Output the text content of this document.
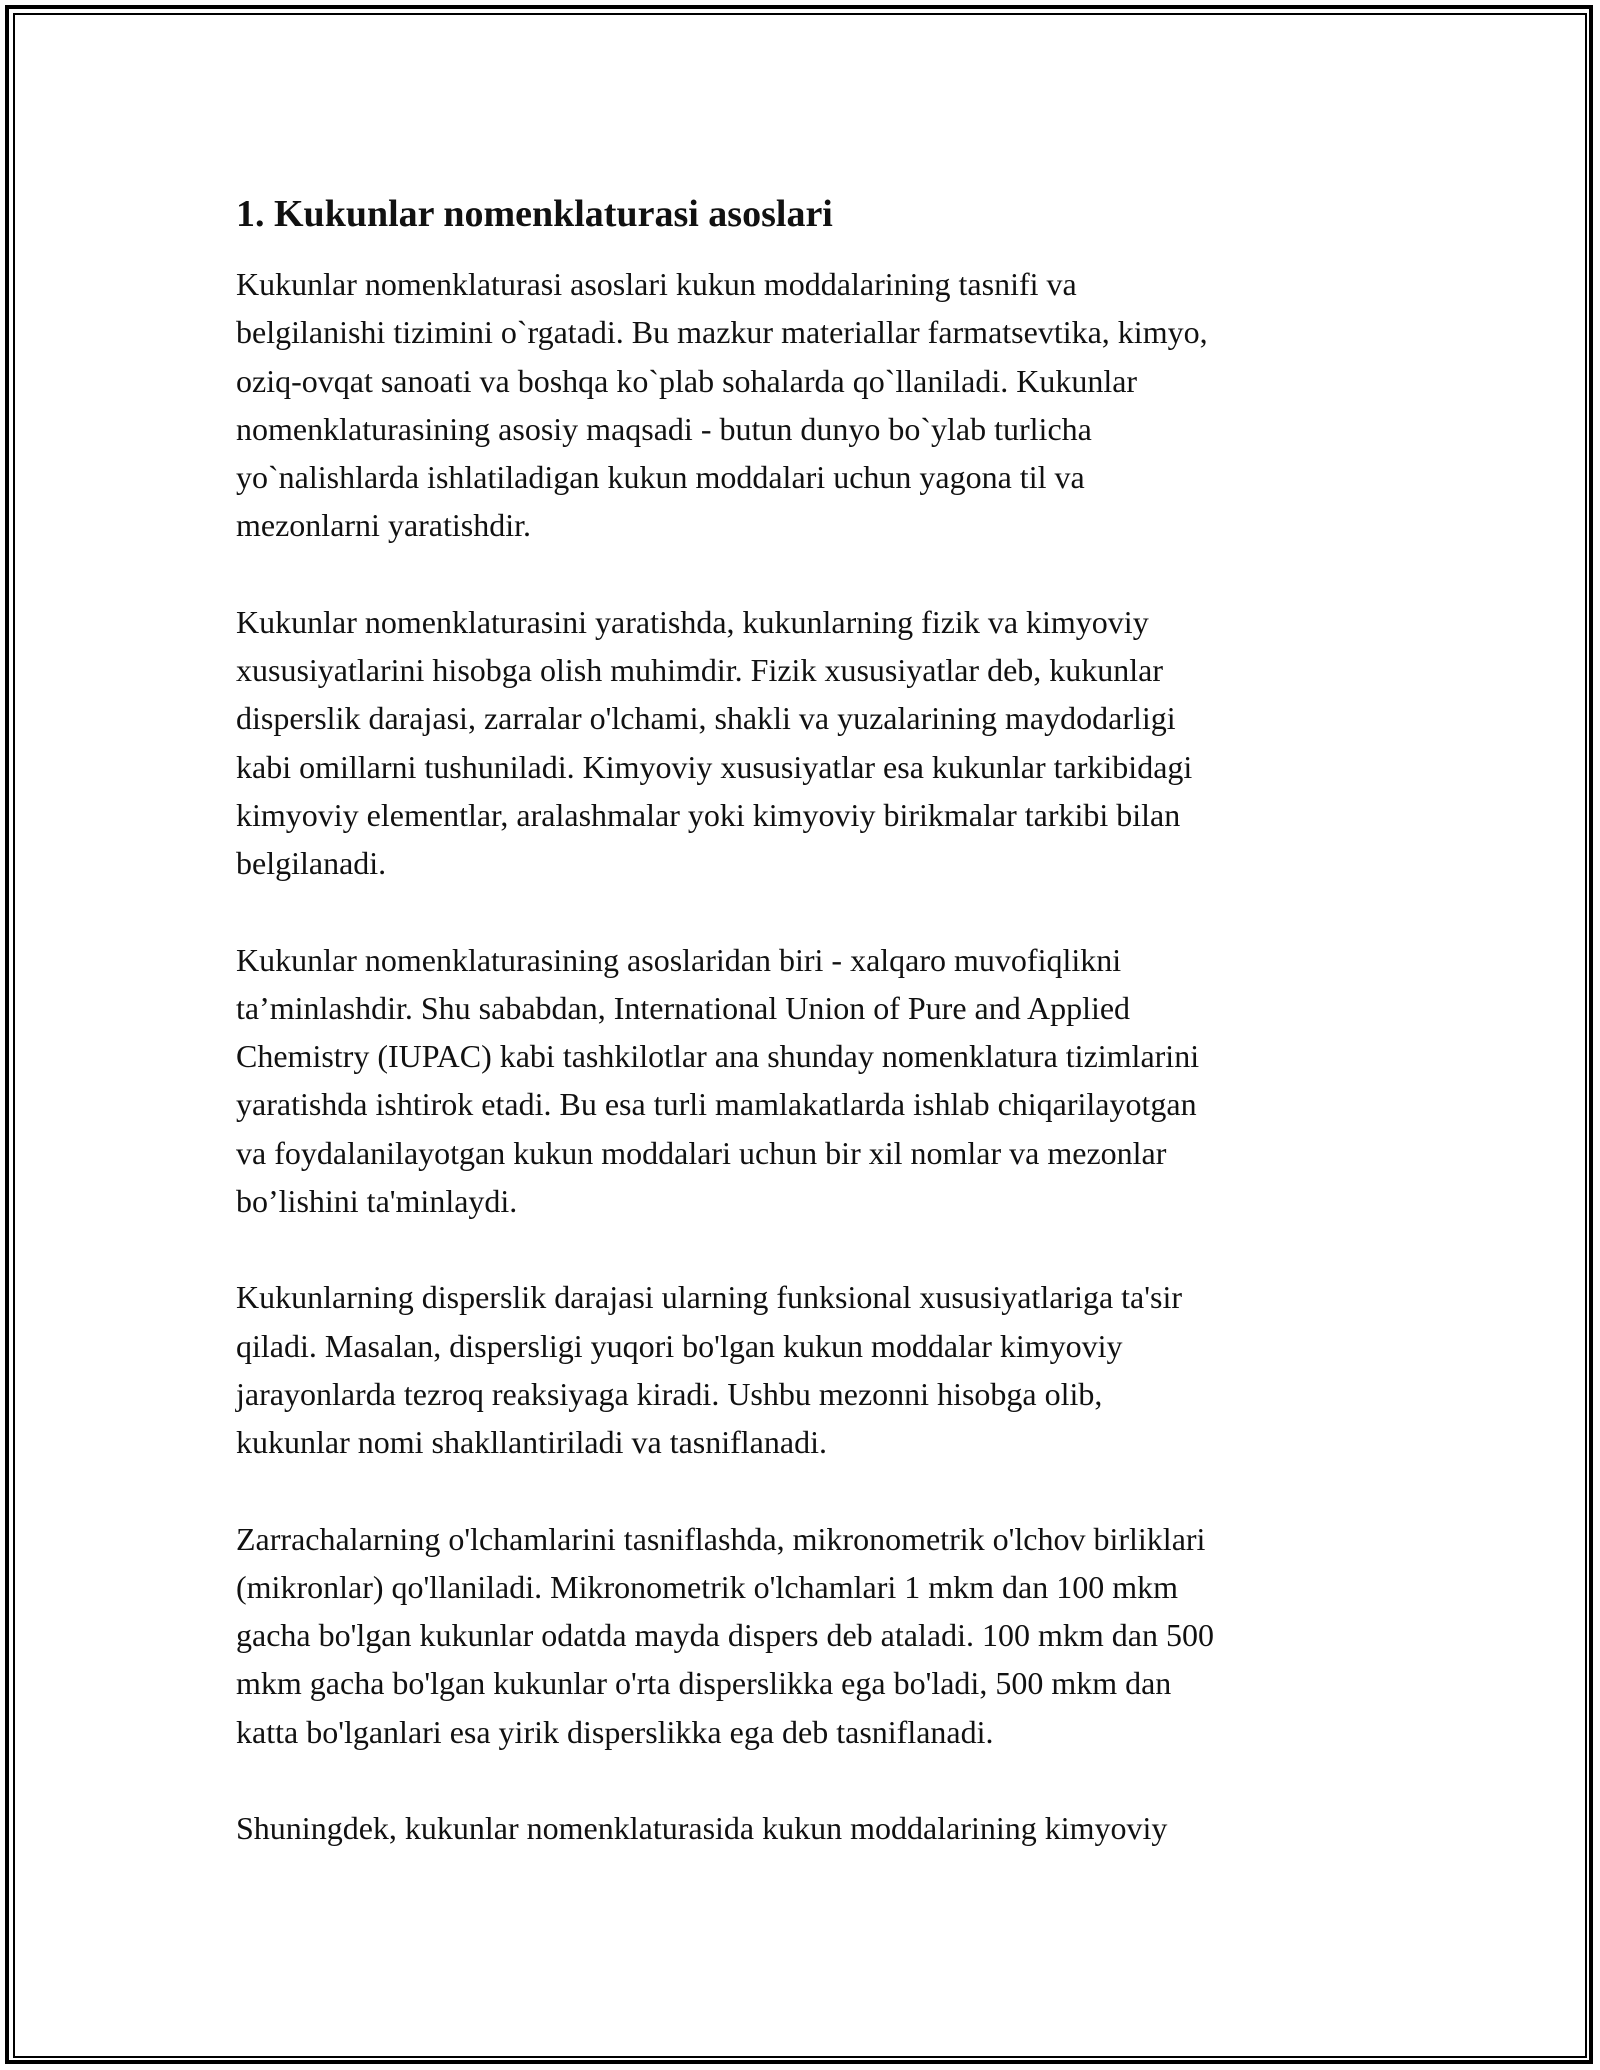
1. Kukunlar nomenklaturasi asoslari
Kukunlar nomenklaturasi asoslari kukun moddalarining tasnifi va
belgilanishi tizimini o`rgatadi. Bu mazkur materiallar farmatsevtika, kimyo,
oziq-ovqat sanoati va boshqa ko`plab sohalarda qo`llaniladi. Kukunlar
nomenklaturasining asosiy maqsadi - butun dunyo bo`ylab turlicha
yo`nalishlarda ishlatiladigan kukun moddalari uchun yagona til va
mezonlarni yaratishdir.
Kukunlar nomenklaturasini yaratishda, kukunlarning fizik va kimyoviy
xususiyatlarini hisobga olish muhimdir. Fizik xususiyatlar deb, kukunlar
disperslik darajasi, zarralar o'lchami, shakli va yuzalarining maydodarligi
kabi omillarni tushuniladi. Kimyoviy xususiyatlar esa kukunlar tarkibidagi
kimyoviy elementlar, aralashmalar yoki kimyoviy birikmalar tarkibi bilan
belgilanadi.
Kukunlar nomenklaturasining asoslaridan biri - xalqaro muvofiqlikni
ta’minlashdir. Shu sababdan, International Union of Pure and Applied
Chemistry (IUPAC) kabi tashkilotlar ana shunday nomenklatura tizimlarini
yaratishda ishtirok etadi. Bu esa turli mamlakatlarda ishlab chiqarilayotgan
va foydalanilayotgan kukun moddalari uchun bir xil nomlar va mezonlar
bo’lishini ta'minlaydi.
Kukunlarning disperslik darajasi ularning funksional xususiyatlariga ta'sir
qiladi. Masalan, dispersligi yuqori bo'lgan kukun moddalar kimyoviy
jarayonlarda tezroq reaksiyaga kiradi. Ushbu mezonni hisobga olib,
kukunlar nomi shakllantiriladi va tasniflanadi.
Zarrachalarning o'lchamlarini tasniflashda, mikronometrik o'lchov birliklari
(mikronlar) qo'llaniladi. Mikronometrik o'lchamlari 1 mkm dan 100 mkm
gacha bo'lgan kukunlar odatda mayda dispers deb ataladi. 100 mkm dan 500
mkm gacha bo'lgan kukunlar o'rta disperslikka ega bo'ladi, 500 mkm dan
katta bo'lganlari esa yirik disperslikka ega deb tasniflanadi.
Shuningdek, kukunlar nomenklaturasida kukun moddalarining kimyoviy
